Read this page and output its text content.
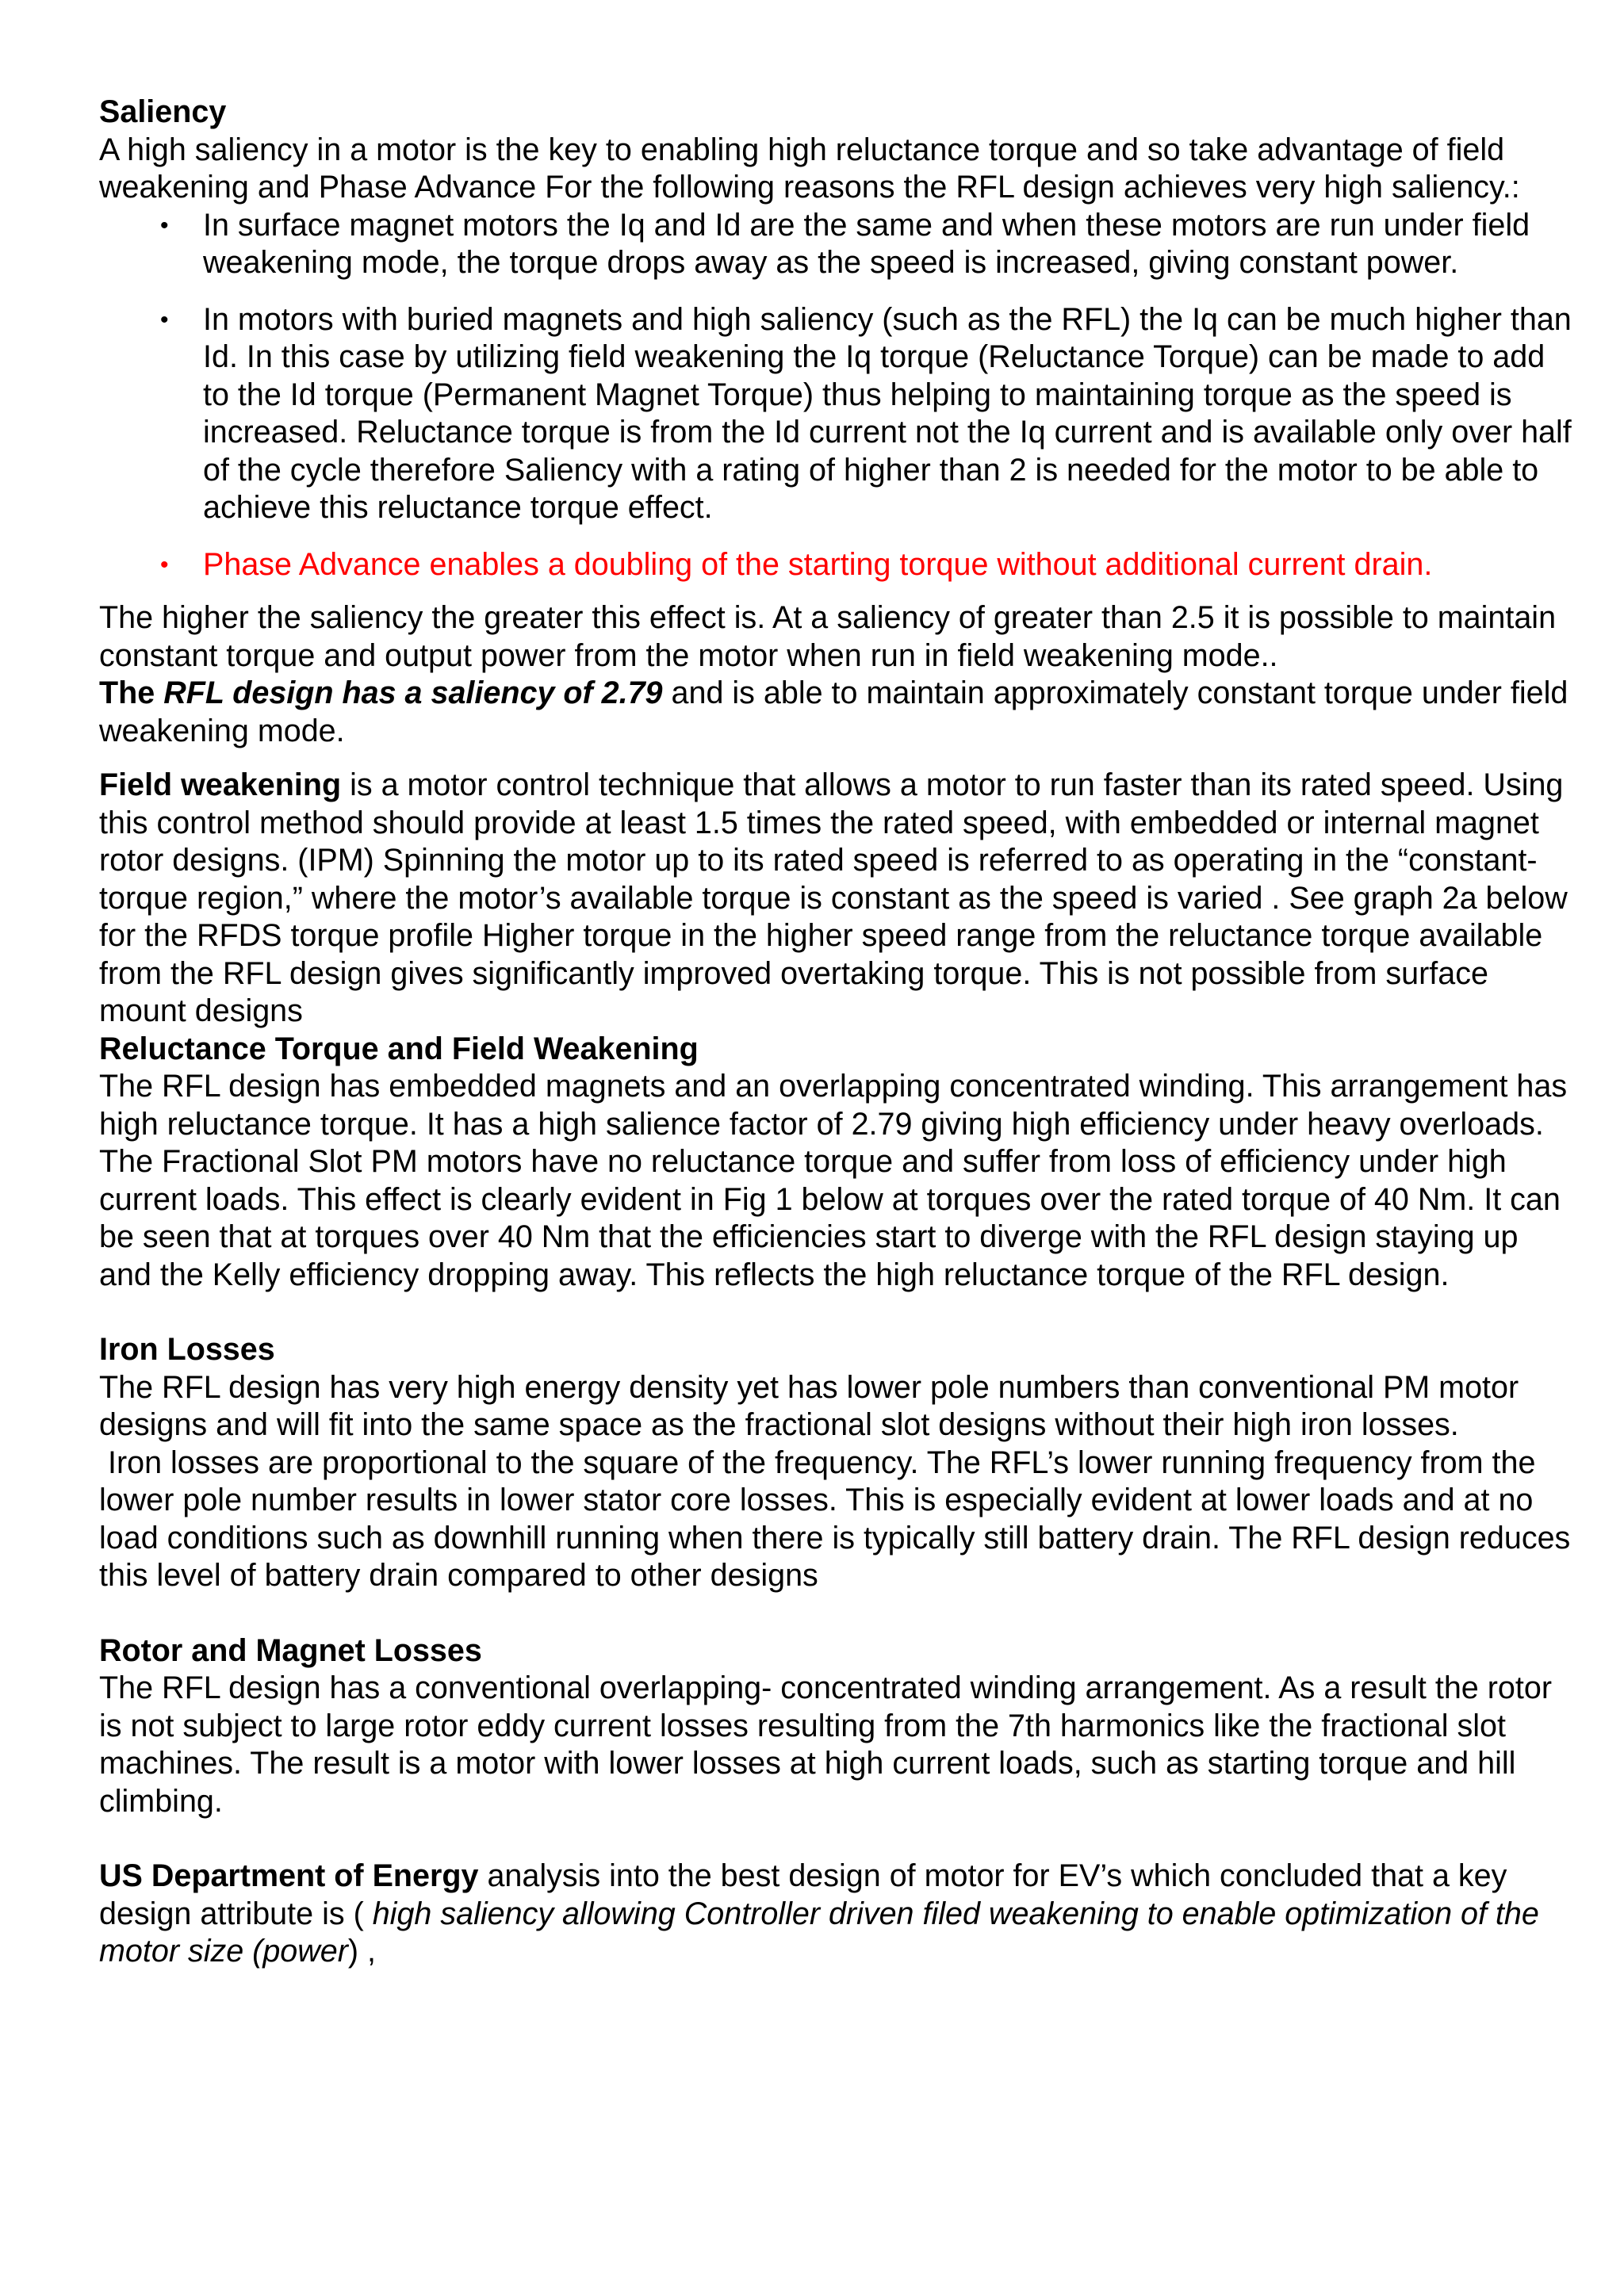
Saliency

A high saliency in a motor is the key to enabling high reluctance torque and so take advantage of field weakening and Phase Advance For the following reasons the RFL design achieves very high saliency.:

• In surface magnet motors the Iq and Id are the same and when these motors are run under field weakening mode, the torque drops away as the speed is increased, giving constant power.
• In motors with buried magnets and high saliency (such as the RFL) the Iq can be much higher than Id. In this case by utilizing field weakening the Iq torque (Reluctance Torque) can be made to add to the Id torque (Permanent Magnet Torque) thus helping to maintaining torque as the speed is increased. Reluctance torque is from the Id current not the Iq current and is available only over half of the cycle therefore Saliency with a rating of higher than 2 is needed for the motor to be able to achieve this reluctance torque effect.
• Phase Advance enables a doubling of the starting torque without additional current drain.

The higher the saliency the greater this effect is. At a saliency of greater than 2.5 it is possible to maintain constant torque and output power from the motor when run in field weakening mode..
The RFL design has a saliency of 2.79 and is able to maintain approximately constant torque under field weakening mode.

Field weakening is a motor control technique that allows a motor to run faster than its rated speed. Using this control method should provide at least 1.5 times the rated speed, with embedded or internal magnet rotor designs. (IPM) Spinning the motor up to its rated speed is referred to as operating in the “constant-torque region,” where the motor’s available torque is constant as the speed is varied . See graph 2a below for the RFDS torque profile Higher torque in the higher speed range from the reluctance torque available from the RFL design gives significantly improved overtaking torque. This is not possible from surface mount designs

Reluctance Torque and Field Weakening

The RFL design has embedded magnets and an overlapping concentrated winding. This arrangement has high reluctance torque. It has a high salience factor of 2.79 giving high efficiency under heavy overloads. The Fractional Slot PM motors have no reluctance torque and suffer from loss of efficiency under high current loads. This effect is clearly evident in Fig 1 below at torques over the rated torque of 40 Nm. It can be seen that at torques over 40 Nm that the efficiencies start to diverge with the RFL design staying up and the Kelly efficiency dropping away. This reflects the high reluctance torque of the RFL design.

Iron Losses

The RFL design has very high energy density yet has lower pole numbers than conventional PM motor designs and will fit into the same space as the fractional slot designs without their high iron losses.

Iron losses are proportional to the square of the frequency. The RFL’s lower running frequency from the lower pole number results in lower stator core losses. This is especially evident at lower loads and at no load conditions such as downhill running when there is typically still battery drain. The RFL design reduces this level of battery drain compared to other designs

Rotor and Magnet Losses

The RFL design has a conventional overlapping- concentrated winding arrangement. As a result the rotor is not subject to large rotor eddy current losses resulting from the 7th harmonics like the fractional slot machines. The result is a motor with lower losses at high current loads, such as starting torque and hill climbing.

US Department of Energy analysis into the best design of motor for EV’s which concluded that a key design attribute is ( high saliency allowing Controller driven filed weakening to enable optimization of the motor size (power) ,
